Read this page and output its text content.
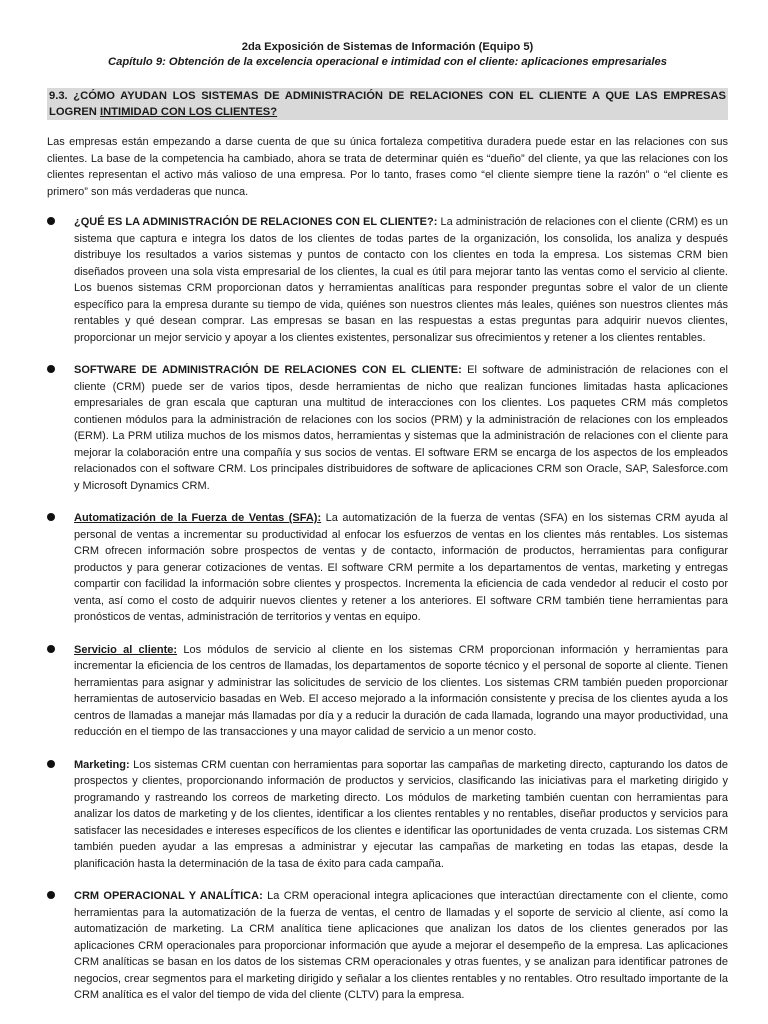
2da Exposición de Sistemas de Información (Equipo 5)
Capítulo 9: Obtención de la excelencia operacional e intimidad con el cliente: aplicaciones empresariales
9.3. ¿CÓMO AYUDAN LOS SISTEMAS DE ADMINISTRACIÓN DE RELACIONES CON EL CLIENTE A QUE LAS EMPRESAS LOGREN INTIMIDAD CON LOS CLIENTES?

Las empresas están empezando a darse cuenta de que su única fortaleza competitiva duradera puede estar en las relaciones con sus clientes. La base de la competencia ha cambiado, ahora se trata de determinar quién es “dueño” del cliente, ya que las relaciones con los clientes representan el activo más valioso de una empresa. Por lo tanto, frases como “el cliente siempre tiene la razón” o “el cliente es primero” son más verdaderas que nunca.

¿QUÉ ES LA ADMINISTRACIÓN DE RELACIONES CON EL CLIENTE?: La administración de relaciones con el cliente (CRM) es un sistema que captura e integra los datos de los clientes de todas partes de la organización, los consolida, los analiza y después distribuye los resultados a varios sistemas y puntos de contacto con los clientes en toda la empresa. Los sistemas CRM bien diseñados proveen una sola vista empresarial de los clientes, la cual es útil para mejorar tanto las ventas como el servicio al cliente. Los buenos sistemas CRM proporcionan datos y herramientas analíticas para responder preguntas sobre el valor de un cliente específico para la empresa durante su tiempo de vida, quiénes son nuestros clientes más leales, quiénes son nuestros clientes más rentables y qué desean comprar. Las empresas se basan en las respuestas a estas preguntas para adquirir nuevos clientes, proporcionar un mejor servicio y apoyar a los clientes existentes, personalizar sus ofrecimientos y retener a los clientes rentables.
SOFTWARE DE ADMINISTRACIÓN DE RELACIONES CON EL CLIENTE: El software de administración de relaciones con el cliente (CRM) puede ser de varios tipos, desde herramientas de nicho que realizan funciones limitadas hasta aplicaciones empresariales de gran escala que capturan una multitud de interacciones con los clientes. Los paquetes CRM más completos contienen módulos para la administración de relaciones con los socios (PRM) y la administración de relaciones con los empleados (ERM). La PRM utiliza muchos de los mismos datos, herramientas y sistemas que la administración de relaciones con el cliente para mejorar la colaboración entre una compañía y sus socios de ventas. El software ERM se encarga de los aspectos de los empleados relacionados con el software CRM. Los principales distribuidores de software de aplicaciones CRM son Oracle, SAP, Salesforce.com y Microsoft Dynamics CRM.
Automatización de la Fuerza de Ventas (SFA): La automatización de la fuerza de ventas (SFA) en los sistemas CRM ayuda al personal de ventas a incrementar su productividad al enfocar los esfuerzos de ventas en los clientes más rentables. Los sistemas CRM ofrecen información sobre prospectos de ventas y de contacto, información de productos, herramientas para configurar productos y para generar cotizaciones de ventas. El software CRM permite a los departamentos de ventas, marketing y entregas compartir con facilidad la información sobre clientes y prospectos. Incrementa la eficiencia de cada vendedor al reducir el costo por venta, así como el costo de adquirir nuevos clientes y retener a los anteriores. El software CRM también tiene herramientas para pronósticos de ventas, administración de territorios y ventas en equipo.
Servicio al cliente: Los módulos de servicio al cliente en los sistemas CRM proporcionan información y herramientas para incrementar la eficiencia de los centros de llamadas, los departamentos de soporte técnico y el personal de soporte al cliente. Tienen herramientas para asignar y administrar las solicitudes de servicio de los clientes. Los sistemas CRM también pueden proporcionar herramientas de autoservicio basadas en Web. El acceso mejorado a la información consistente y precisa de los clientes ayuda a los centros de llamadas a manejar más llamadas por día y a reducir la duración de cada llamada, logrando una mayor productividad, una reducción en el tiempo de las transacciones y una mayor calidad de servicio a un menor costo.
Marketing: Los sistemas CRM cuentan con herramientas para soportar las campañas de marketing directo, capturando los datos de prospectos y clientes, proporcionando información de productos y servicios, clasificando las iniciativas para el marketing dirigido y programando y rastreando los correos de marketing directo. Los módulos de marketing también cuentan con herramientas para analizar los datos de marketing y de los clientes, identificar a los clientes rentables y no rentables, diseñar productos y servicios para satisfacer las necesidades e intereses específicos de los clientes e identificar las oportunidades de venta cruzada. Los sistemas CRM también pueden ayudar a las empresas a administrar y ejecutar las campañas de marketing en todas las etapas, desde la planificación hasta la determinación de la tasa de éxito para cada campaña.
CRM OPERACIONAL Y ANALÍTICA: La CRM operacional integra aplicaciones que interactúan directamente con el cliente, como herramientas para la automatización de la fuerza de ventas, el centro de llamadas y el soporte de servicio al cliente, así como la automatización de marketing. La CRM analítica tiene aplicaciones que analizan los datos de los clientes generados por las aplicaciones CRM operacionales para proporcionar información que ayude a mejorar el desempeño de la empresa. Las aplicaciones CRM analíticas se basan en los datos de los sistemas CRM operacionales y otras fuentes, y se analizan para identificar patrones de negocios, crear segmentos para el marketing dirigido y señalar a los clientes rentables y no rentables. Otro resultado importante de la CRM analítica es el valor del tiempo de vida del cliente (CLTV) para la empresa.
